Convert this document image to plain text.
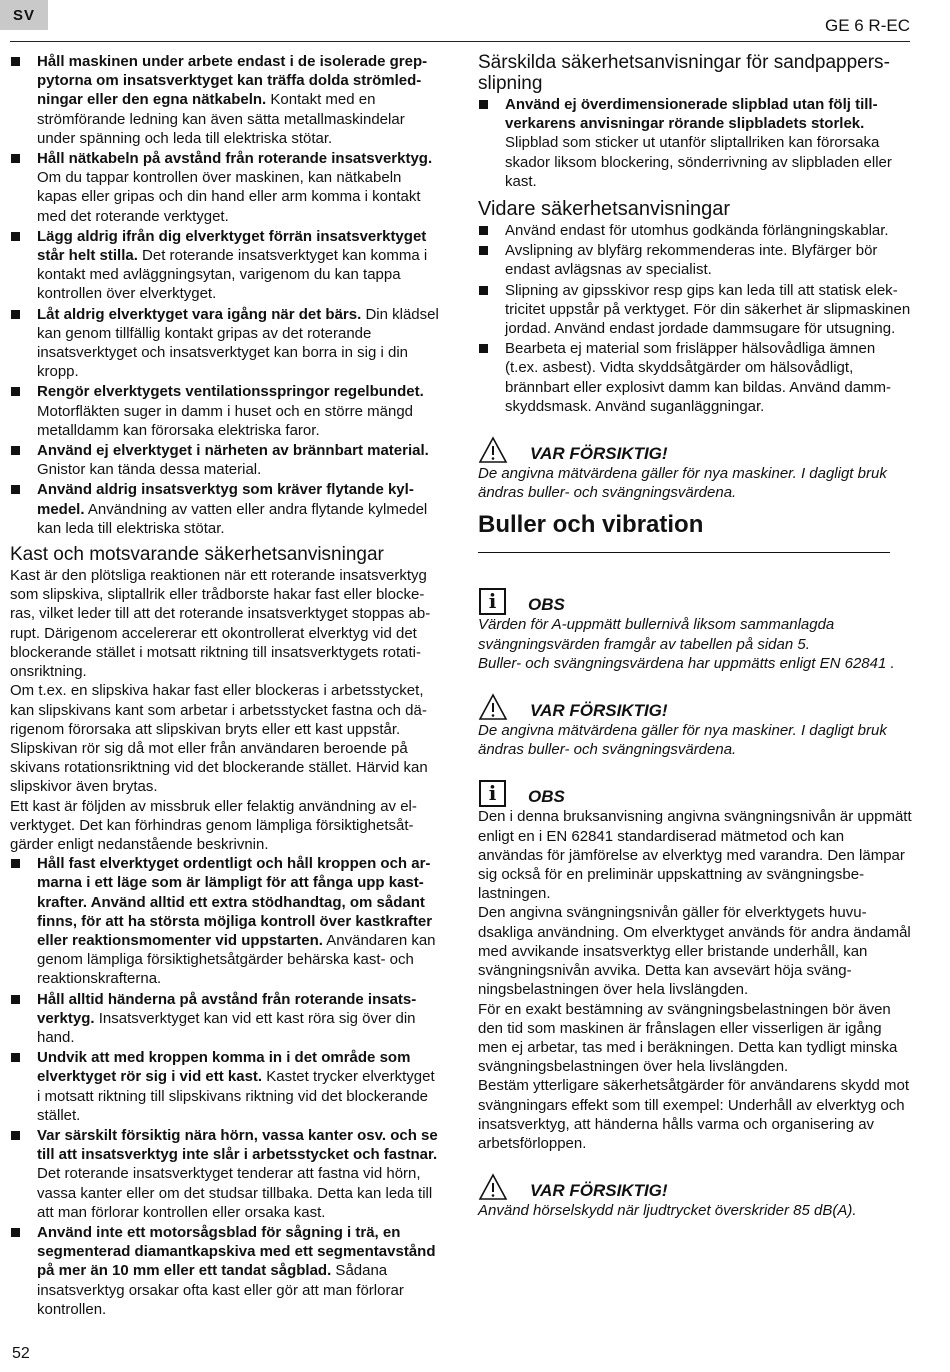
SV
GE 6 R-EC
Håll maskinen under arbete endast i de isolerade greppytorna om insatsverktyget kan träffa dolda strömledningar eller den egna nätkabeln. Kontakt med en strömförande ledning kan även sätta metallmaskindelar under spänning och leda till elektriska stötar.
Håll nätkabeln på avstånd från roterande insatsverktyg. Om du tappar kontrollen över maskinen, kan nätkabeln kapas eller gripas och din hand eller arm komma i kontakt med det roterande verktyget.
Lägg aldrig ifrån dig elverktyget förrän insatsverktyget står helt stilla. Det roterande insatsverktyget kan komma i kontakt med avläggningsytan, varigenom du kan tappa kontrollen över elverktyget.
Låt aldrig elverktyget vara igång när det bärs. Din klädsel kan genom tillfällig kontakt gripas av det roterande insatsverktyget och insatsverktyget kan borra in sig i din kropp.
Rengör elverktygets ventilationsspringor regelbundet. Motorfläkten suger in damm i huset och en större mängd metalldamm kan förorsaka elektriska faror.
Använd ej elverktyget i närheten av brännbart material. Gnistor kan tända dessa material.
Använd aldrig insatsverktyg som kräver flytande kylmedel. Användning av vatten eller andra flytande kylmedel kan leda till elektriska stötar.
Kast och motsvarande säkerhetsanvisningar

Kast är den plötsliga reaktionen när ett roterande insatsverktyg som slipskiva, sliptallrik eller trådborste hakar fast eller blockeras, vilket leder till att det roterande insatsverktyget stoppas abrupt. Därigenom accelererar ett okontrollerat elverktyg vid det blockerande stället i motsatt riktning till insatsverktygets rotationsriktning.

Om t.ex. en slipskiva hakar fast eller blockeras i arbetsstycket, kan slipskivans kant som arbetar i arbetsstycket fastna och därigenom förorsaka att slipskivan bryts eller ett kast uppstår. Slipskivan rör sig då mot eller från användaren beroende på skivans rotationsriktning vid det blockerande stället. Härvid kan slipskivor även brytas.

Ett kast är följden av missbruk eller felaktig användning av elverktyget. Det kan förhindras genom lämpliga försiktighetsåtgärder enligt nedanstående beskrivnin.

Håll fast elverktyget ordentligt och håll kroppen och armarna i ett läge som är lämpligt för att fånga upp kastkrafter. Använd alltid ett extra stödhandtag, om sådant finns, för att ha största möjliga kontroll över kastkrafter eller reaktionsmomenter vid uppstarten. Användaren kan genom lämpliga försiktighetsåtgärder behärska kast- och reaktionskrafterna.
Håll alltid händerna på avstånd från roterande insatsverktyg. Insatsverktyget kan vid ett kast röra sig över din hand.
Undvik att med kroppen komma in i det område som elverktyget rör sig i vid ett kast. Kastet trycker elverktyget i motsatt riktning till slipskivans riktning vid det blockerande stället.
Var särskilt försiktig nära hörn, vassa kanter osv. och se till att insatsverktyg inte slår i arbetsstycket och fastnar. Det roterande insatsverktyget tenderar att fastna vid hörn, vassa kanter eller om det studsar tillbaka. Detta kan leda till att man förlorar kontrollen eller orsaka kast.
Använd inte ett motorsågsblad för sågning i trä, en segmenterad diamantkapskiva med ett segmentavstånd på mer än 10 mm eller ett tandat sågblad. Sådana insatsverktyg orsakar ofta kast eller gör att man förlorar kontrollen.
Särskilda säkerhetsanvisningar för sandpappersslipning
Använd ej överdimensionerade slipblad utan följ tillverkarens anvisningar rörande slipbladets storlek. Slipblad som sticker ut utanför sliptallriken kan förorsaka skador liksom blockering, sönderrivning av slipbladen eller kast.
Vidare säkerhetsanvisningar
Använd endast för utomhus godkända förlängningskablar.
Avslipning av blyfärg rekommenderas inte. Blyfärger bör endast avlägsnas av specialist.
Slipning av gipsskivor resp gips kan leda till att statisk elektricitet uppstår på verktyget. För din säkerhet är slipmaskinen jordad. Använd endast jordade dammsugare för utsugning.
Bearbeta ej material som frisläpper hälsovådliga ämnen (t.ex. asbest). Vidta skyddsåtgärder om hälsovådligt, brännbart eller explosivt damm kan bildas. Använd dammskyddsmask. Använd suganläggningar.
VAR FÖRSIKTIG!

De angivna mätvärdena gäller för nya maskiner. I dagligt bruk ändras buller- och svängningsvärdena.

Buller och vibration
i	OBS

Värden för A-uppmätt bullernivå liksom sammanlagda svängningsvärden framgår av tabellen på sidan 5.

Buller- och svängningsvärdena har uppmätts enligt EN 62841 .

VAR FÖRSIKTIG!

De angivna mätvärdena gäller för nya maskiner. I dagligt bruk ändras buller- och svängningsvärdena.

i	OBS

Den i denna bruksanvisning angivna svängningsnivån är uppmätt enligt en i EN 62841 standardiserad mätmetod och kan användas för jämförelse av elverktyg med varandra. Den lämpar sig också för en preliminär uppskattning av svängningsbelastningen.

Den angivna svängningsnivån gäller för elverktygets huvudsakliga användning. Om elverktyget används för andra ändamål med avvikande insatsverktyg eller bristande underhåll, kan svängningsnivån avvika. Detta kan avsevärt höja svängningsbelastningen över hela livslängden.

För en exakt bestämning av svängningsbelastningen bör även den tid som maskinen är frånslagen eller visserligen är igång men ej arbetar, tas med i beräkningen. Detta kan tydligt minska svängningsbelastningen över hela livslängden.

Bestäm ytterligare säkerhetsåtgärder för användarens skydd mot svängningars effekt som till exempel: Underhåll av elverktyg och insatsverktyg, att händerna hålls varma och organisering av arbetsförloppen.

VAR FÖRSIKTIG!

Använd hörselskydd när ljudtrycket överskrider 85 dB(A).

52
